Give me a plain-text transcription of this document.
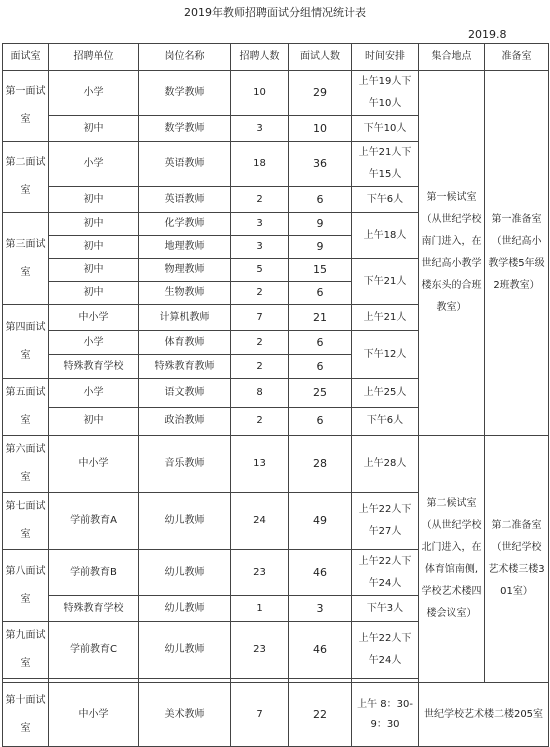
2019年教师招聘面试分组情况统计表
2019.8
面试室	招聘单位	岗位名称	招聘人数	面试人数	时间安排	集合地点	准备室
第一面试室	小学	数学教师	10	29	上午19人下午10人	第一候试室（从世纪学校南门进入，在世纪高小教学楼东头的合班教室）	第一准备室（世纪高小教学楼5年级2班教室）
	初中	数学教师	3	10	下午10人		
第二面试室	小学	英语教师	18	36	上午21人下午15人		
	初中	英语教师	2	6	下午6人		
第三面试室	初中	化学教师	3	9	上午18人		
	初中	地理教师	3	9			
	初中	物理教师	5	15	下午21人		
	初中	生物教师	2	6			
第四面试室	中小学	计算机教师	7	21	上午21人		
	小学	体育教师	2	6	下午12人		
	特殊教育学校	特殊教育教师	2	6			
第五面试室	小学	语文教师	8	25	上午25人		
	初中	政治教师	2	6	下午6人		
第六面试室	中小学	音乐教师	13	28	上午28人	第二候试室（从世纪学校北门进入，在体育馆南侧,学校艺术楼四楼会议室）	第二准备室（世纪学校艺术楼三楼301室）
第七面试室	学前教育A	幼儿教师	24	49	上午22人下午27人		
第八面试室	学前教育B	幼儿教师	23	46	上午22人下午24人		
	特殊教育学校	幼儿教师	1	3	下午3人		
第九面试室	学前教育C	幼儿教师	23	46	上午22人下午24人		

第十面试室	中小学	美术教师	7	22	上午 8：30-9：30	世纪学校艺术楼二楼205室	
